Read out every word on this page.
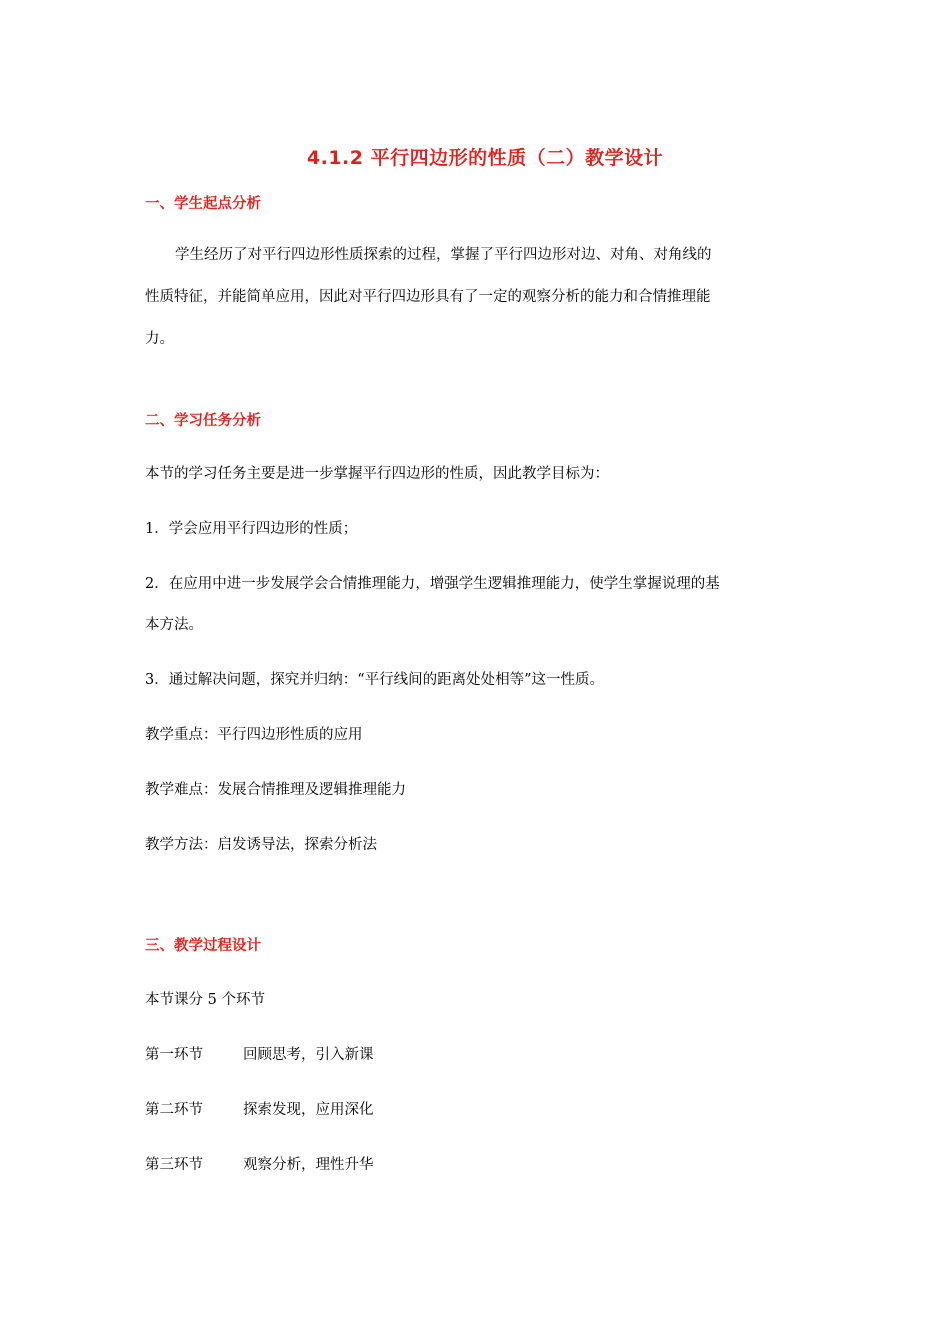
4.1.2 平行四边形的性质（二）教学设计
一、学生起点分析
学生经历了对平行四边形性质探索的过程，掌握了平行四边形对边、对角、对角线的
性质特征，并能简单应用，因此对平行四边形具有了一定的观察分析的能力和合情推理能
力。
二、学习任务分析
本节的学习任务主要是进一步掌握平行四边形的性质，因此教学目标为：
1．学会应用平行四边形的性质；
2．在应用中进一步发展学会合情推理能力，增强学生逻辑推理能力，使学生掌握说理的基
本方法。
3．通过解决问题，探究并归纳：“平行线间的距离处处相等”这一性质。
教学重点：平行四边形性质的应用
教学难点：发展合情推理及逻辑推理能力
教学方法：启发诱导法，探索分析法
三、教学过程设计
本节课分 5 个环节
第一环节	回顾思考，引入新课
第二环节	探索发现，应用深化
第三环节	观察分析，理性升华
